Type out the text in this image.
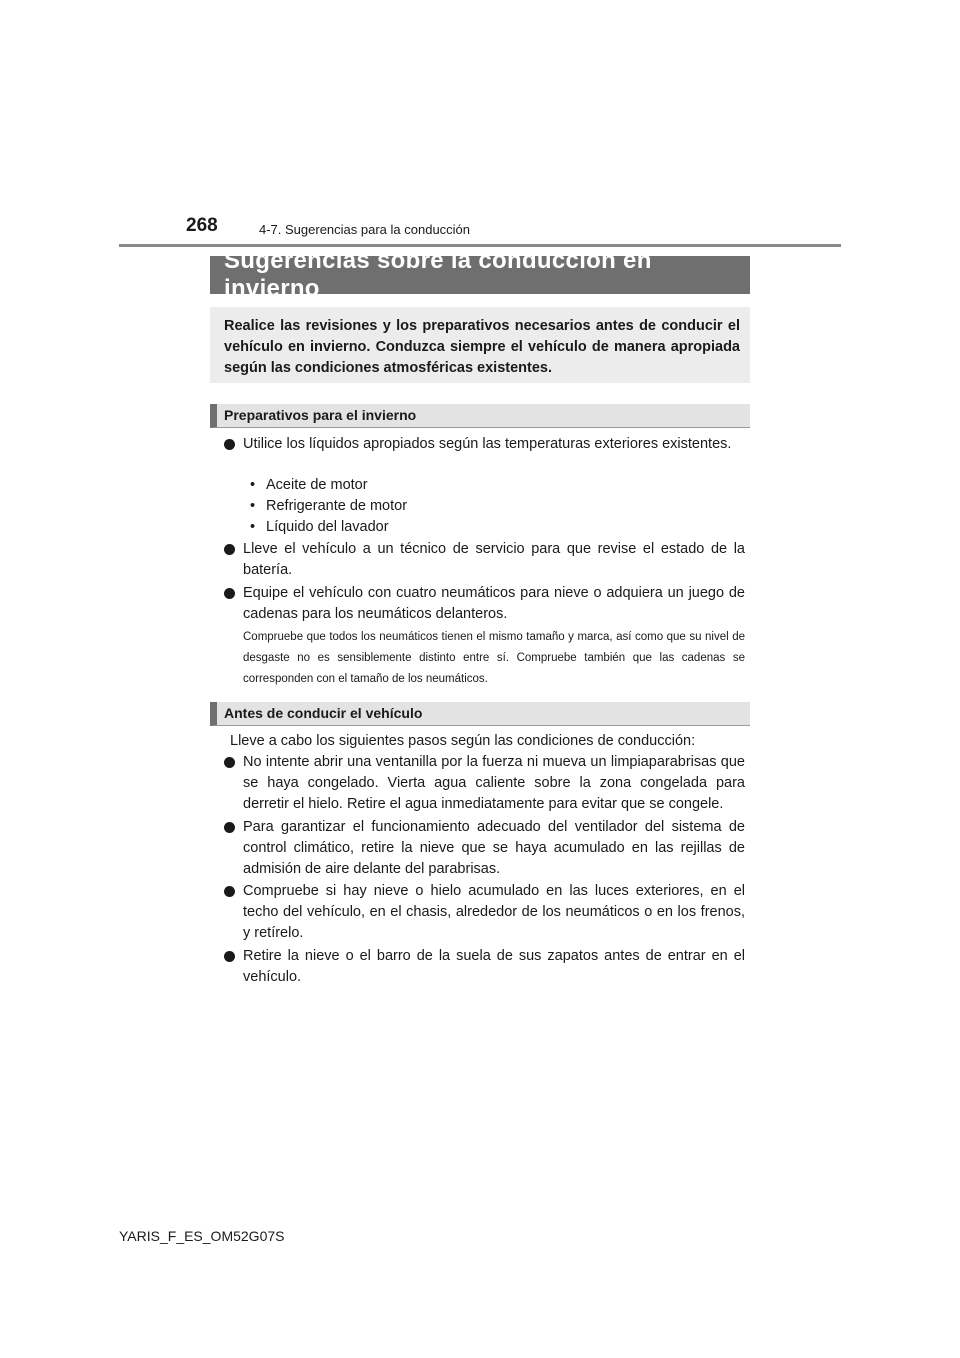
268	4-7. Sugerencias para la conducción
Sugerencias sobre la conducción en invierno
Realice las revisiones y los preparativos necesarios antes de conducir el vehículo en invierno. Conduzca siempre el vehículo de manera apropiada según las condiciones atmosféricas existentes.
Preparativos para el invierno
Utilice los líquidos apropiados según las temperaturas exteriores existentes.
• Aceite de motor
• Refrigerante de motor
• Líquido del lavador
Lleve el vehículo a un técnico de servicio para que revise el estado de la batería.
Equipe el vehículo con cuatro neumáticos para nieve o adquiera un juego de cadenas para los neumáticos delanteros.
Compruebe que todos los neumáticos tienen el mismo tamaño y marca, así como que su nivel de desgaste no es sensiblemente distinto entre sí. Compruebe también que las cadenas se corresponden con el tamaño de los neumáticos.
Antes de conducir el vehículo
Lleve a cabo los siguientes pasos según las condiciones de conducción:
No intente abrir una ventanilla por la fuerza ni mueva un limpiaparabrisas que se haya congelado. Vierta agua caliente sobre la zona congelada para derretir el hielo. Retire el agua inmediatamente para evitar que se congele.
Para garantizar el funcionamiento adecuado del ventilador del sistema de control climático, retire la nieve que se haya acumulado en las rejillas de admisión de aire delante del parabrisas.
Compruebe si hay nieve o hielo acumulado en las luces exteriores, en el techo del vehículo, en el chasis, alrededor de los neumáticos o en los frenos, y retírelo.
Retire la nieve o el barro de la suela de sus zapatos antes de entrar en el vehículo.
YARIS_F_ES_OM52G07S
